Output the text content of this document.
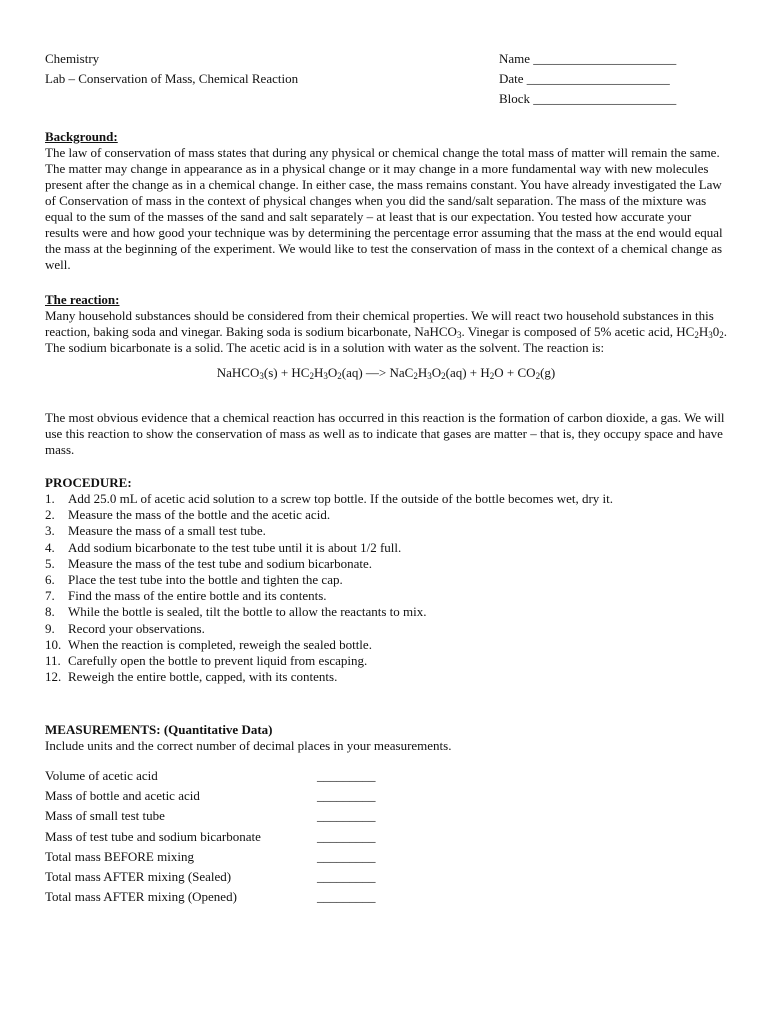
Chemistry
Lab – Conservation of Mass, Chemical Reaction
Name ______________________
Date ______________________
Block ______________________
Background:
The law of conservation of mass states that during any physical or chemical change the total mass of matter will remain the same. The matter may change in appearance as in a physical change or it may change in a more fundamental way with new molecules present after the change as in a chemical change. In either case, the mass remains constant. You have already investigated the Law of Conservation of mass in the context of physical changes when you did the sand/salt separation. The mass of the mixture was equal to the sum of the masses of the sand and salt separately – at least that is our expectation. You tested how accurate your results were and how good your technique was by determining the percentage error assuming that the mass at the end would equal the mass at the beginning of the experiment. We would like to test the conservation of mass in the context of a chemical change as well.
The reaction:
Many household substances should be considered from their chemical properties. We will react two household substances in this reaction, baking soda and vinegar. Baking soda is sodium bicarbonate, NaHCO$_3$. Vinegar is composed of 5% acetic acid, $HC_2H_30_2$. The sodium bicarbonate is a solid. The acetic acid is in a solution with water as the solvent. The reaction is:
NaHCO$_3$(s) + $HC_2H_3O_2(aq)$ —> $NaC_2H_3O_2(aq) + H_2O + CO_2(g)$
The most obvious evidence that a chemical reaction has occurred in this reaction is the formation of carbon dioxide, a gas. We will use this reaction to show the conservation of mass as well as to indicate that gases are matter – that is, they occupy space and have mass.
PROCEDURE:
1. Add 25.0 mL of acetic acid solution to a screw top bottle. If the outside of the bottle becomes wet, dry it.
2. Measure the mass of the bottle and the acetic acid.
3. Measure the mass of a small test tube.
4. Add sodium bicarbonate to the test tube until it is about 1/2 full.
5. Measure the mass of the test tube and sodium bicarbonate.
6. Place the test tube into the bottle and tighten the cap.
7. Find the mass of the entire bottle and its contents.
8. While the bottle is sealed, tilt the bottle to allow the reactants to mix.
9. Record your observations.
10. When the reaction is completed, reweigh the sealed bottle.
11. Carefully open the bottle to prevent liquid from escaping.
12. Reweigh the entire bottle, capped, with its contents.
MEASUREMENTS: (Quantitative Data)
Include units and the correct number of decimal places in your measurements.
Volume of acetic acid	_________
Mass of bottle and acetic acid	_________
Mass of small test tube	_________
Mass of test tube and sodium bicarbonate	_________
Total mass BEFORE mixing	_________
Total mass AFTER mixing (Sealed)	_________
Total mass AFTER mixing (Opened)	_________
